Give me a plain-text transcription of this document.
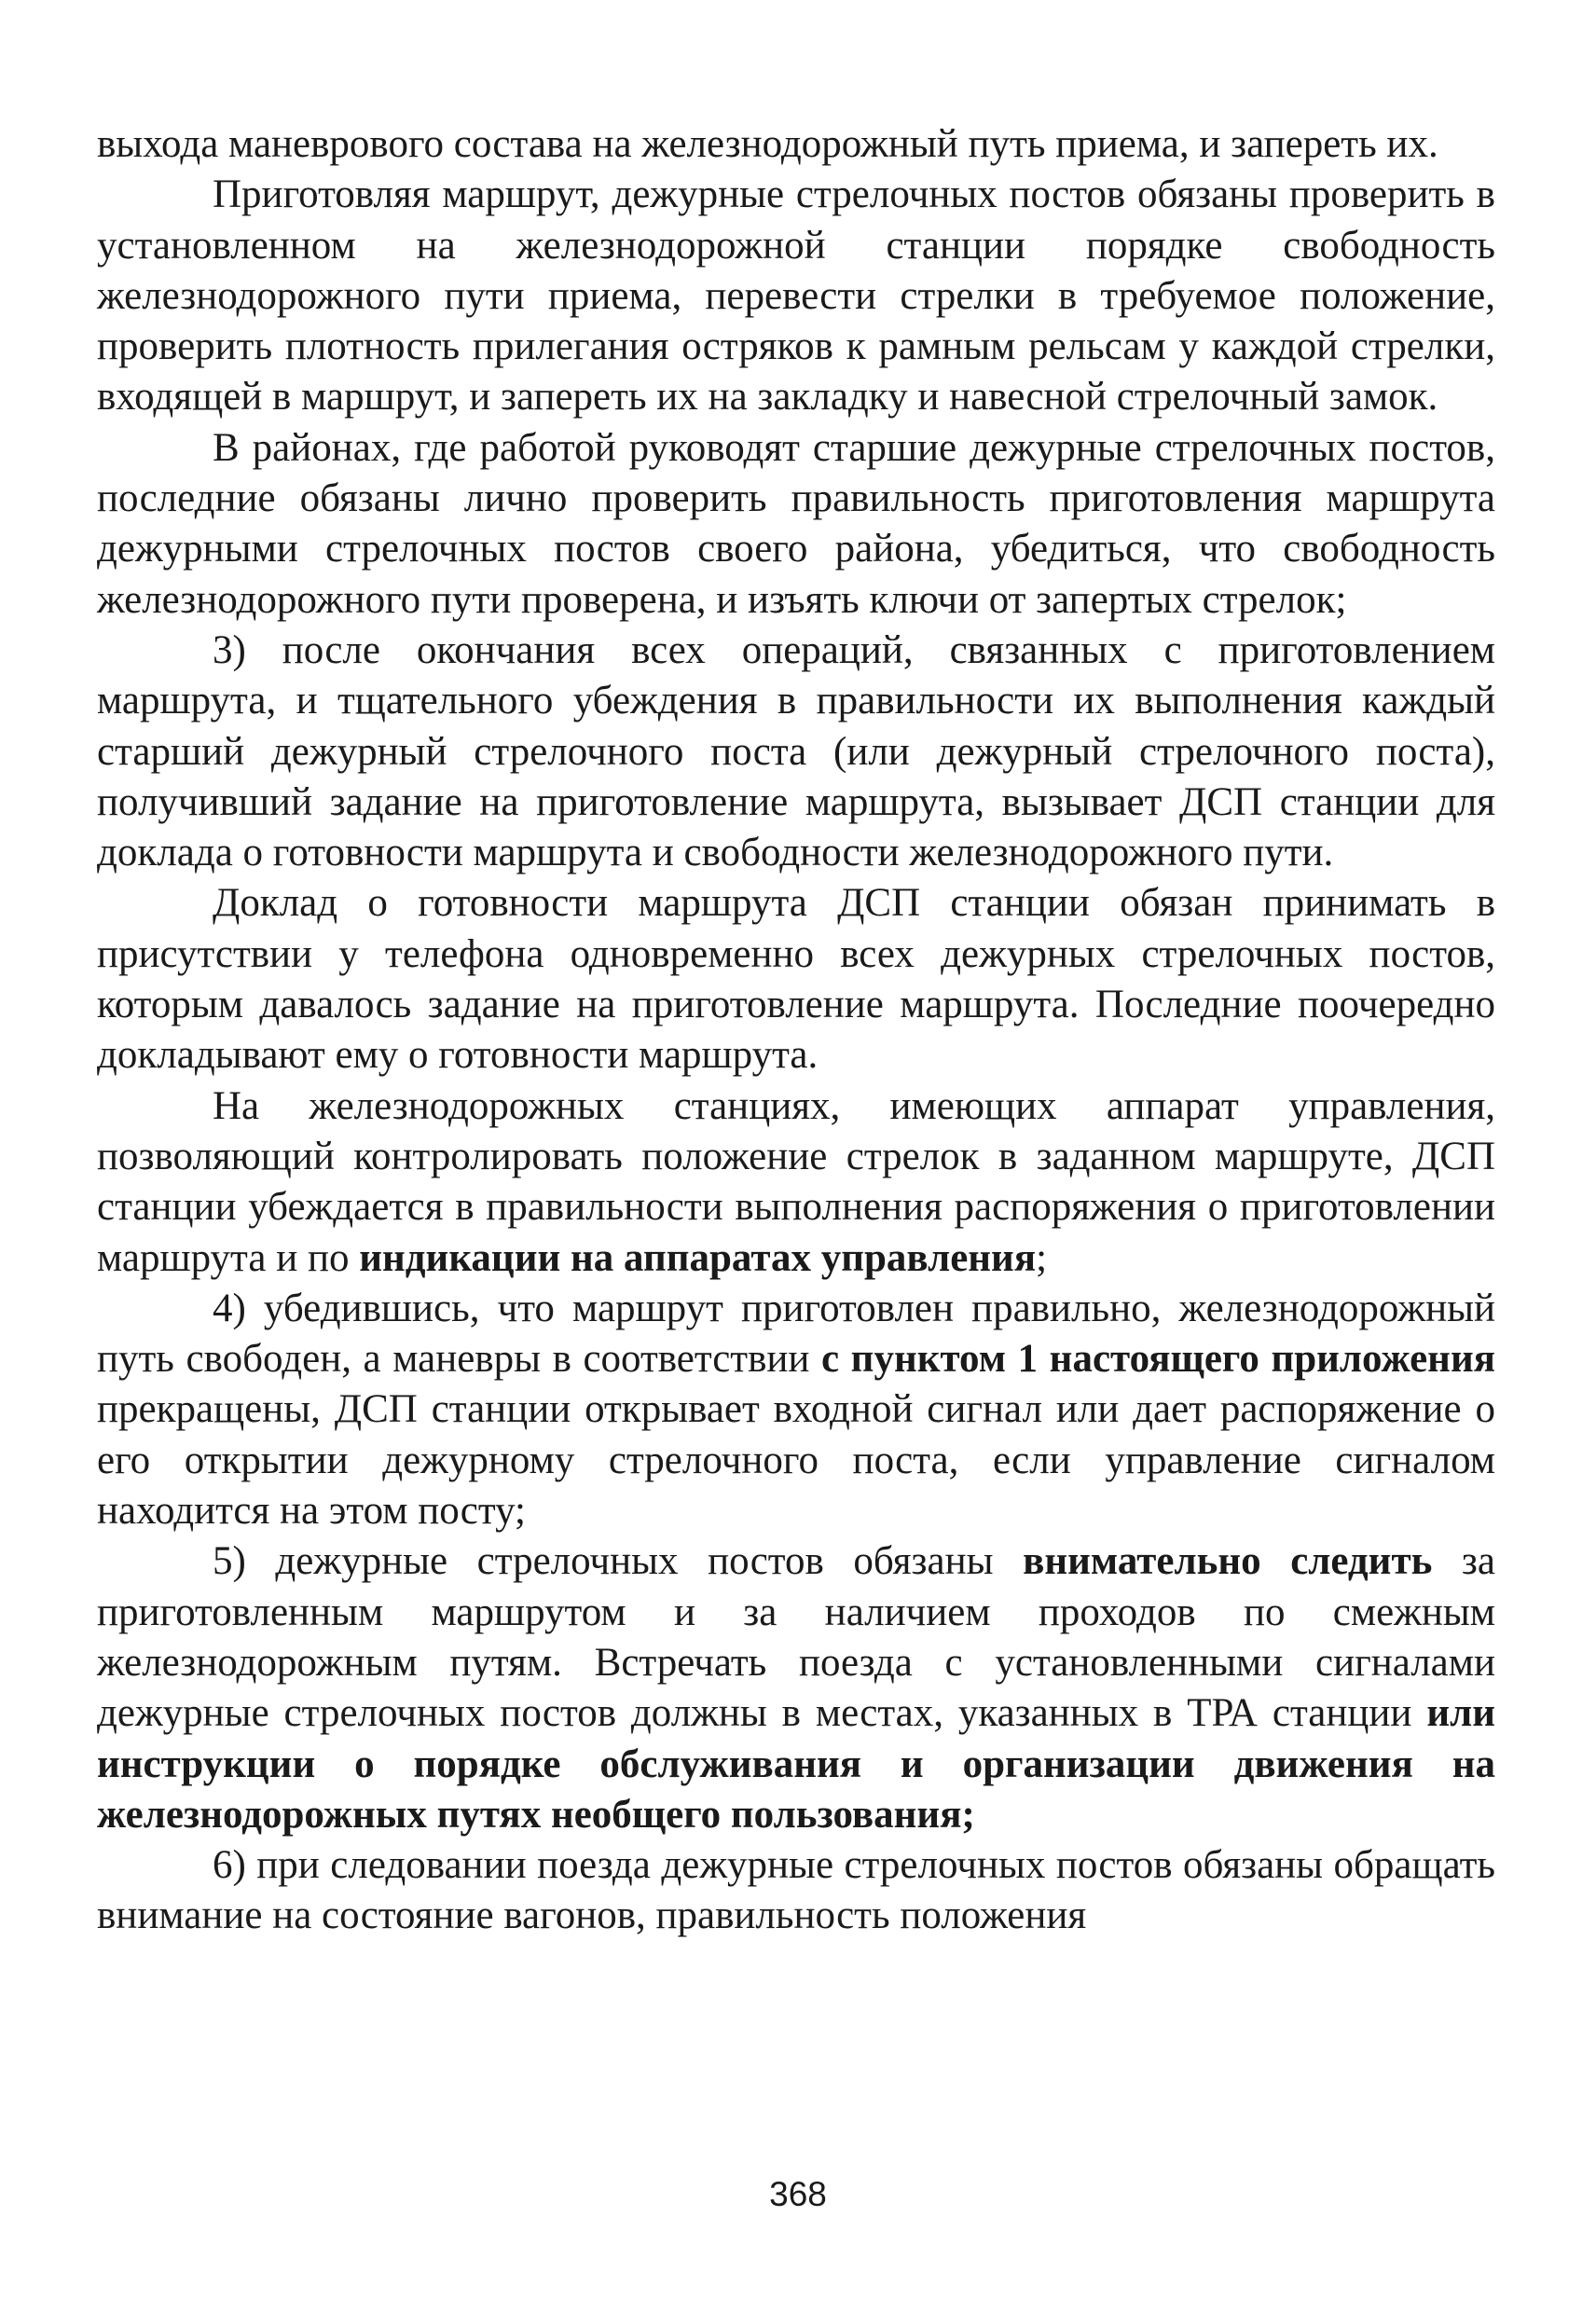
выхода маневрового состава на железнодорожный путь приема, и запереть их.

Приготовляя маршрут, дежурные стрелочных постов обязаны проверить в установленном на железнодорожной станции порядке свободность железнодорожного пути приема, перевести стрелки в требуемое положение, проверить плотность прилегания остряков к рамным рельсам у каждой стрелки, входящей в маршрут, и запереть их на закладку и навесной стрелочный замок.

В районах, где работой руководят старшие дежурные стрелочных постов, последние обязаны лично проверить правильность приготовления маршрута дежурными стрелочных постов своего района, убедиться, что свободность железнодорожного пути проверена, и изъять ключи от запертых стрелок;

3) после окончания всех операций, связанных с приготовлением маршрута, и тщательного убеждения в правильности их выполнения каждый старший дежурный стрелочного поста (или дежурный стрелочного поста), получивший задание на приготовление маршрута, вызывает ДСП станции для доклада о готовности маршрута и свободности железнодорожного пути.

Доклад о готовности маршрута ДСП станции обязан принимать в присутствии у телефона одновременно всех дежурных стрелочных постов, которым давалось задание на приготовление маршрута. Последние поочередно докладывают ему о готовности маршрута.

На железнодорожных станциях, имеющих аппарат управления, позволяющий контролировать положение стрелок в заданном маршруте, ДСП станции убеждается в правильности выполнения распоряжения о приготовлении маршрута и по индикации на аппаратах управления;

4) убедившись, что маршрут приготовлен правильно, железнодорожный путь свободен, а маневры в соответствии с пунктом 1 настоящего приложения прекращены, ДСП станции открывает входной сигнал или дает распоряжение о его открытии дежурному стрелочного поста, если управление сигналом находится на этом посту;

5) дежурные стрелочных постов обязаны внимательно следить за приготовленным маршрутом и за наличием проходов по смежным железнодорожным путям. Встречать поезда с установленными сигналами дежурные стрелочных постов должны в местах, указанных в ТРА станции или инструкции о порядке обслуживания и организации движения на железнодорожных путях необщего пользования;

6) при следовании поезда дежурные стрелочных постов обязаны обращать внимание на состояние вагонов, правильность положения

368
